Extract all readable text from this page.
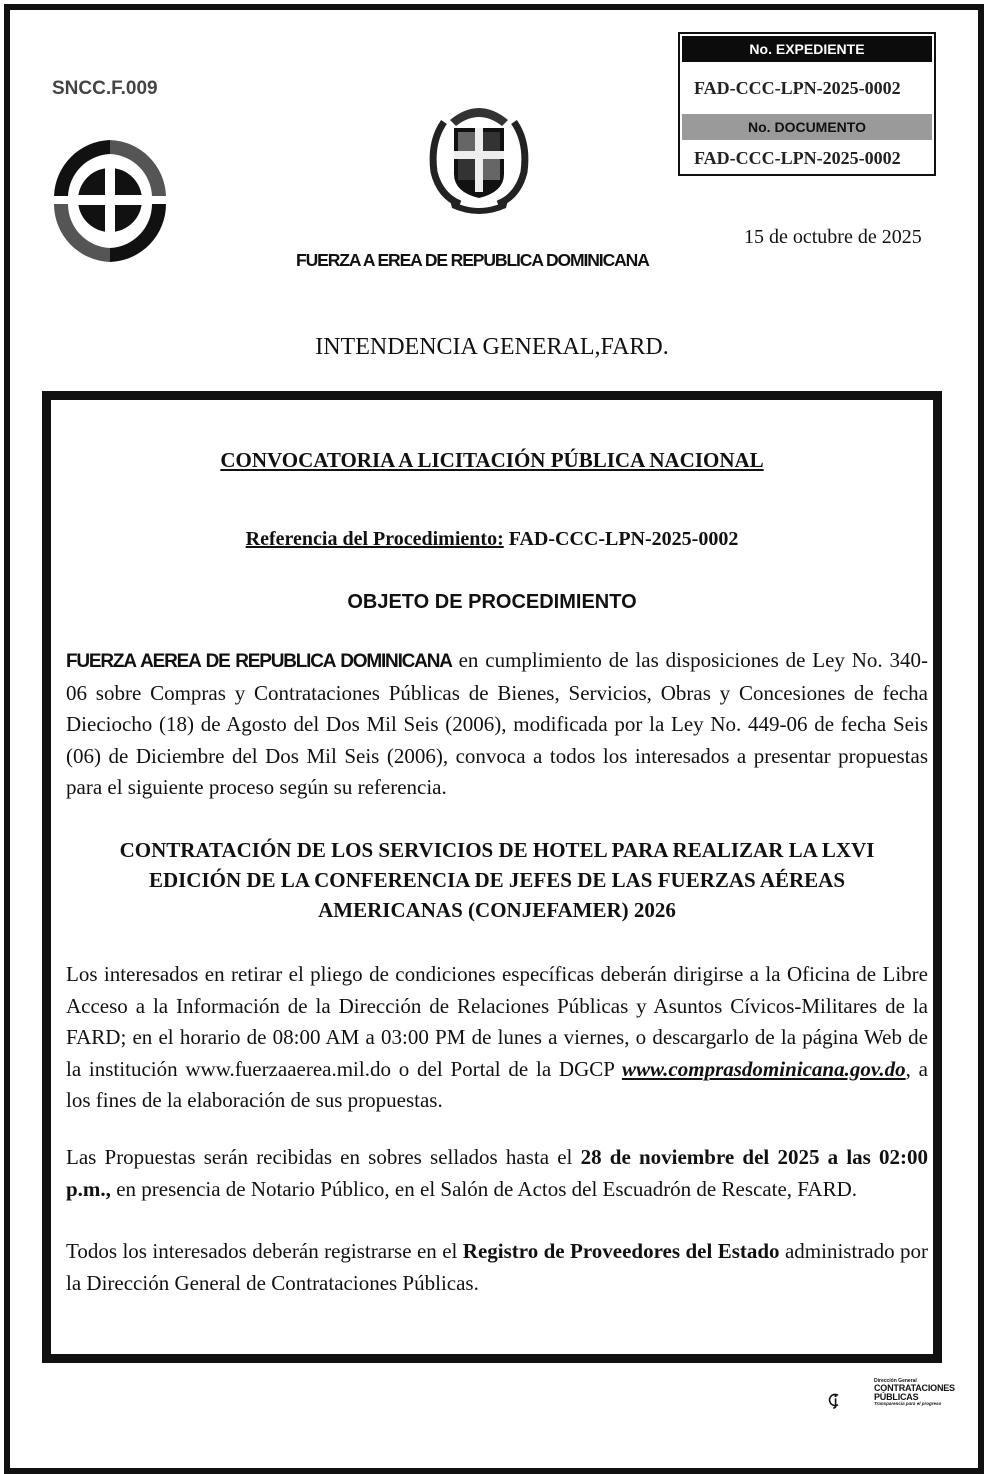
SNCC.F.009
FUERZA A EREA DE REPUBLICA DOMINICANA
No. EXPEDIENTE
FAD-CCC-LPN-2025-0002
No. DOCUMENTO
FAD-CCC-LPN-2025-0002
15 de octubre de 2025
INTENDENCIA GENERAL,FARD.
CONVOCATORIA A LICITACIÓN PÚBLICA NACIONAL
Referencia del Procedimiento: FAD-CCC-LPN-2025-0002
OBJETO DE PROCEDIMIENTO

FUERZA AEREA DE REPUBLICA DOMINICANA en cumplimiento de las disposiciones de Ley No. 340-06 sobre Compras y Contrataciones Públicas de Bienes, Servicios, Obras y Concesiones de fecha Dieciocho (18) de Agosto del Dos Mil Seis (2006), modificada por la Ley No. 449-06 de fecha Seis (06) de Diciembre del Dos Mil Seis (2006), convoca a todos los interesados a presentar propuestas para el siguiente proceso según su referencia.

CONTRATACIÓN DE LOS SERVICIOS DE HOTEL PARA REALIZAR LA LXVI EDICIÓN DE LA CONFERENCIA DE JEFES DE LAS FUERZAS AÉREAS AMERICANAS (CONJEFAMER) 2026

Los interesados en retirar el pliego de condiciones específicas deberán dirigirse a la Oficina de Libre Acceso a la Información de la Dirección de Relaciones Públicas y Asuntos Cívicos-Militares de la FARD; en el horario de 08:00 AM a 03:00 PM de lunes a viernes, o descargarlo de la página Web de la institución www.fuerzaaerea.mil.do o del Portal de la DGCP www.comprasdominicana.gov.do, a los fines de la elaboración de sus propuestas.

Las Propuestas serán recibidas en sobres sellados hasta el 28 de noviembre del 2025 a las 02:00 p.m., en presencia de Notario Público, en el Salón de Actos del Escuadrón de Rescate, FARD.

Todos los interesados deberán registrarse en el Registro de Proveedores del Estado administrado por la Dirección General de Contrataciones Públicas.

Dirección General
CONTRATACIONES
PÚBLICAS
Transparencia para el progreso
